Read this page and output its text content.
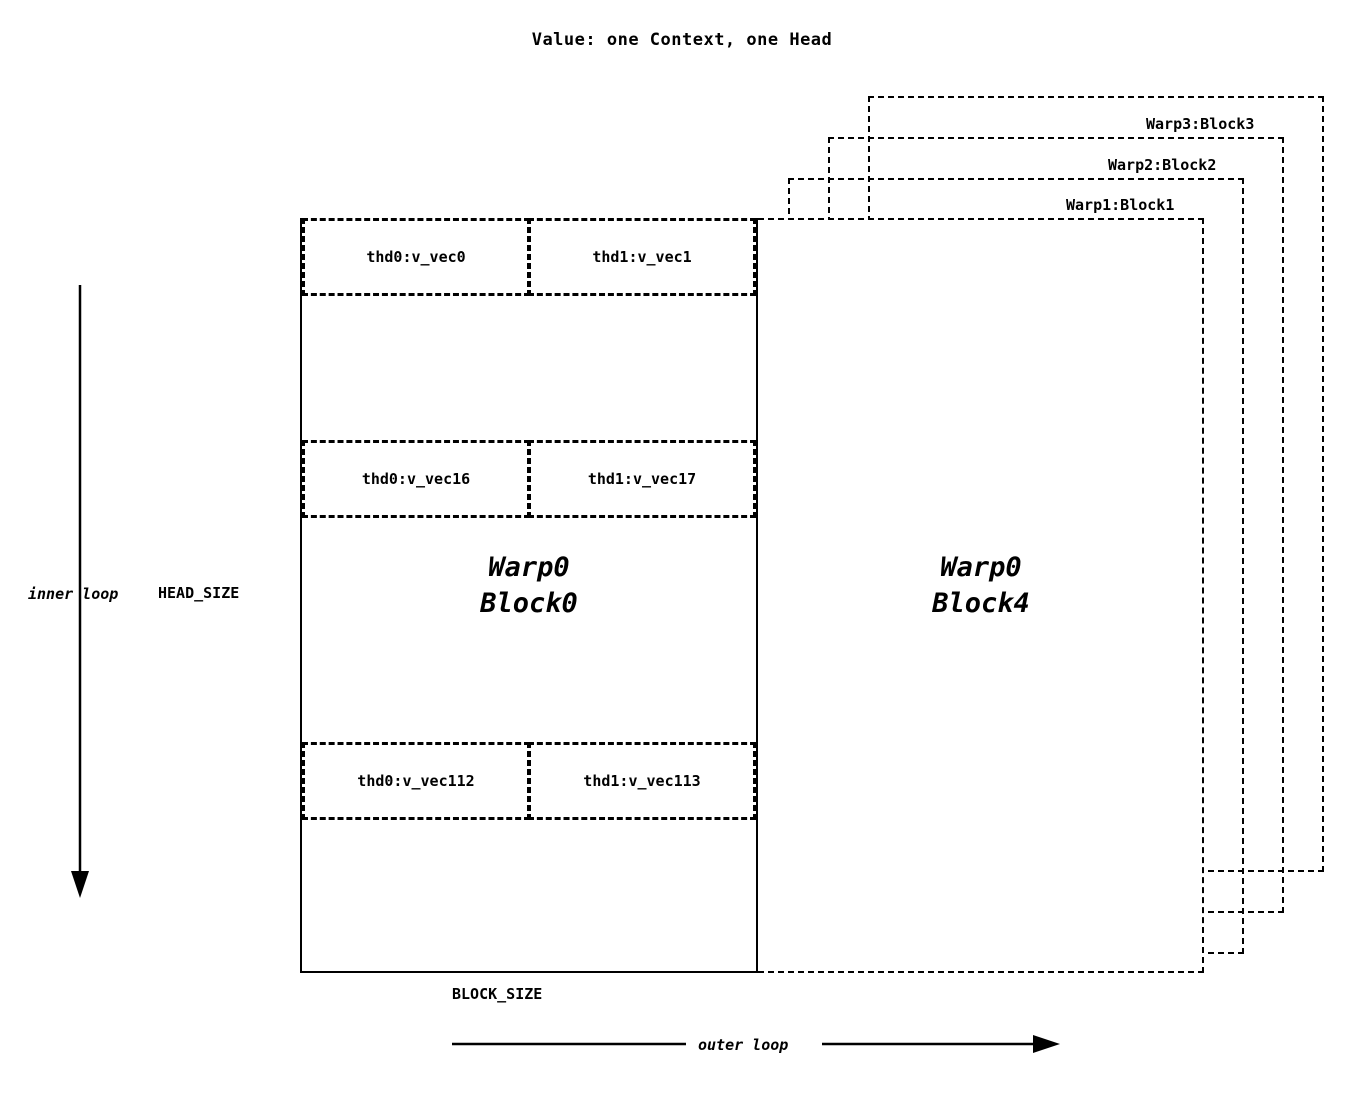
Value: one Context, one Head
Warp3:Block3
Warp2:Block2
Warp1:Block1
Warp0
Block4
thd0:v_vec0	thd1:v_vec1
thd0:v_vec16	thd1:v_vec17
thd0:v_vec112	thd1:v_vec113
Warp0
Block0
inner loop	HEAD_SIZE
BLOCK_SIZE
outer loop
